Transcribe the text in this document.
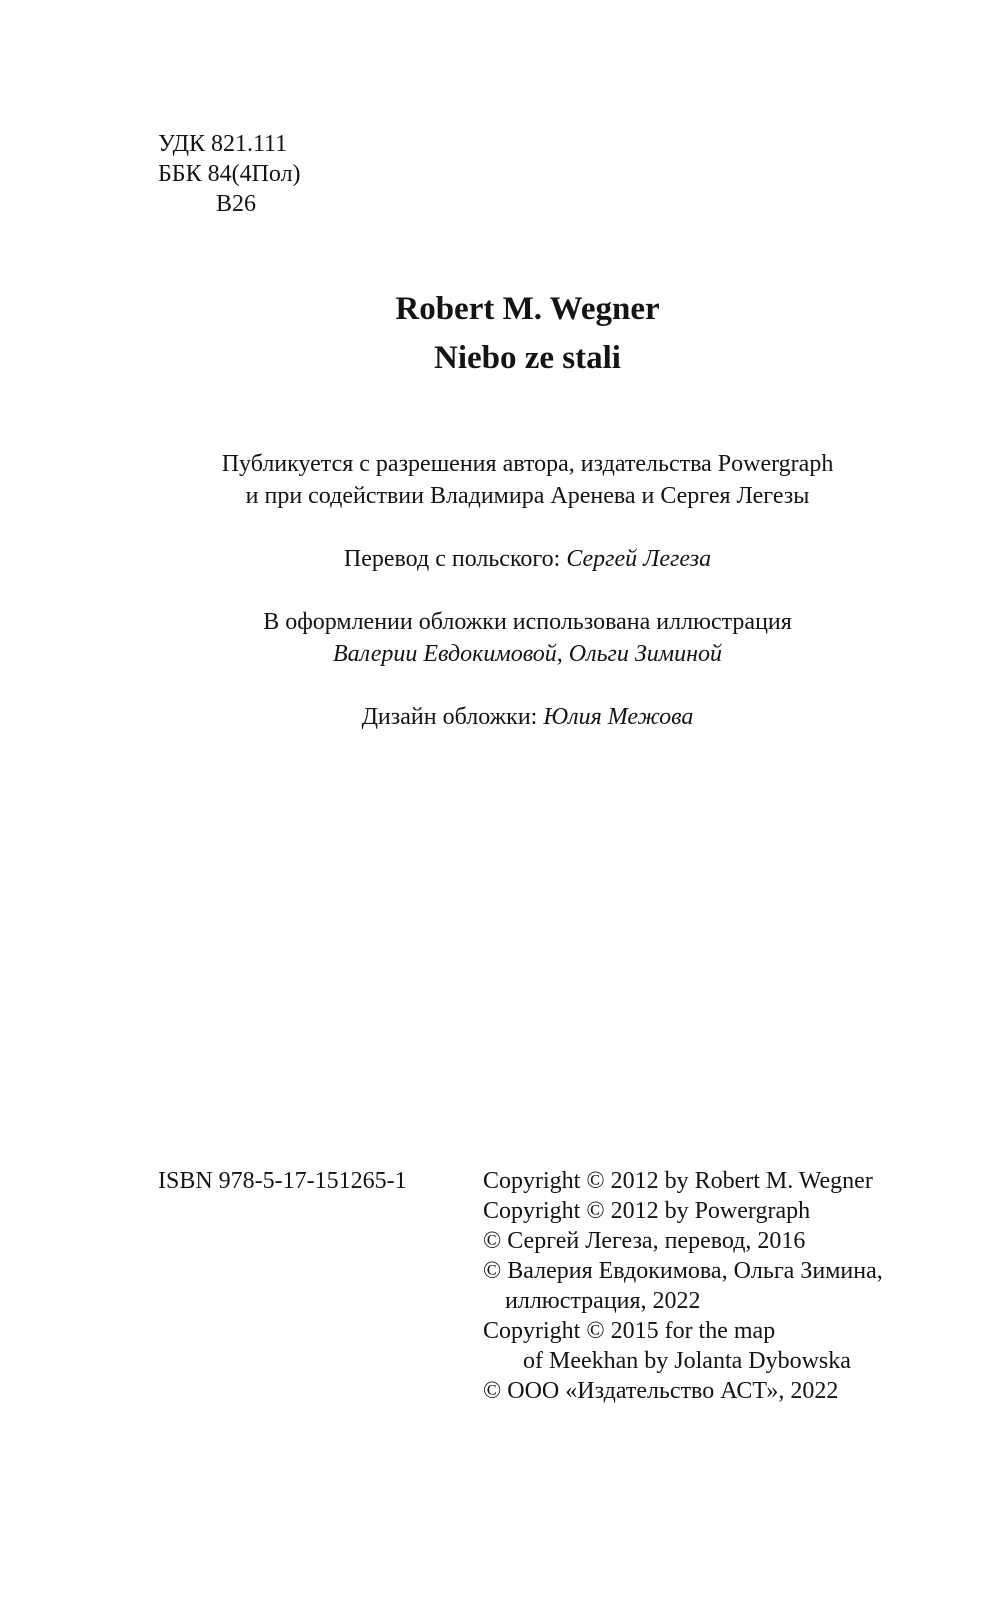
УДК 821.111
ББК 84(4Пол)
В26
Robert M. Wegner
Niebo ze stali
Публикуется с разрешения автора, издательства Powergraph
и при содействии Владимира Аренева и Сергея Легезы
Перевод с польского: Сергей Легеза
В оформлении обложки использована иллюстрация
Валерии Евдокимовой, Ольги Зиминой
Дизайн обложки: Юлия Межова
ISBN 978-5-17-151265-1	Copyright © 2012 by Robert M. Wegner
Copyright © 2012 by Powergraph
© Сергей Легеза, перевод, 2016
© Валерия Евдокимова, Ольга Зимина,
иллюстрация, 2022
Copyright © 2015 for the map
of Meekhan by Jolanta Dybowska
© ООО «Издательство АСТ», 2022
